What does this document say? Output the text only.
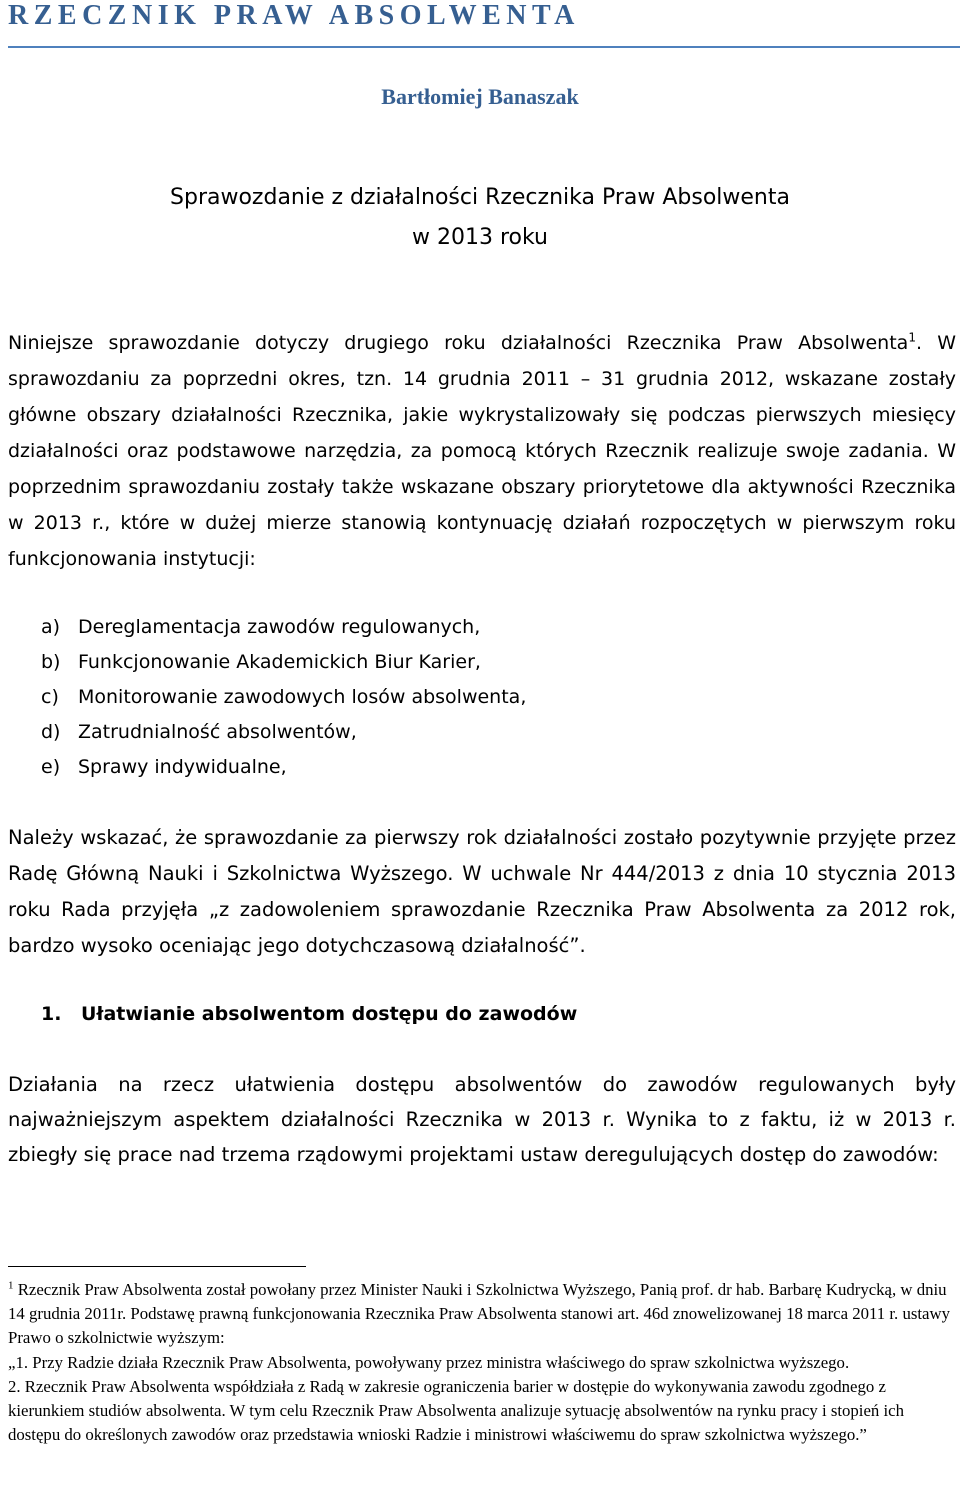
RZECZNIK PRAW ABSOLWENTA
Bartłomiej Banaszak
Sprawozdanie z działalności Rzecznika Praw Absolwenta
w 2013 roku

Niniejsze sprawozdanie dotyczy drugiego roku działalności Rzecznika Praw Absolwenta$^1$. W sprawozdaniu za poprzedni okres, tzn. 14 grudnia 2011 – 31 grudnia 2012, wskazane zostały główne obszary działalności Rzecznika, jakie wykrystalizowały się podczas pierwszych miesięcy działalności oraz podstawowe narzędzia, za pomocą których Rzecznik realizuje swoje zadania. W poprzednim sprawozdaniu zostały także wskazane obszary priorytetowe dla aktywności Rzecznika w 2013 r., które w dużej mierze stanowią kontynuację działań rozpoczętych w pierwszym roku funkcjonowania instytucji:

a) Dereglamentacja zawodów regulowanych,
b) Funkcjonowanie Akademickich Biur Karier,
c) Monitorowanie zawodowych losów absolwenta,
d) Zatrudnialność absolwentów,
e) Sprawy indywidualne,

Należy wskazać, że sprawozdanie za pierwszy rok działalności zostało pozytywnie przyjęte przez Radę Główną Nauki i Szkolnictwa Wyższego. W uchwale Nr 444/2013 z dnia 10 stycznia 2013 roku Rada przyjęła „z zadowoleniem sprawozdanie Rzecznika Praw Absolwenta za 2012 rok, bardzo wysoko oceniając jego dotychczasową działalność”.

1. Ułatwianie absolwentom dostępu do zawodów

Działania na rzecz ułatwienia dostępu absolwentów do zawodów regulowanych były najważniejszym aspektem działalności Rzecznika w 2013 r. Wynika to z faktu, iż w 2013 r. zbiegły się prace nad trzema rządowymi projektami ustaw deregulujących dostęp do zawodów:

$^1$ Rzecznik Praw Absolwenta został powołany przez Minister Nauki i Szkolnictwa Wyższego, Panią prof. dr hab. Barbarę Kudrycką, w dniu 14 grudnia 2011r. Podstawę prawną funkcjonowania Rzecznika Praw Absolwenta stanowi art. 46d znowelizowanej 18 marca 2011 r. ustawy Prawo o szkolnictwie wyższym:
„1. Przy Radzie działa Rzecznik Praw Absolwenta, powoływany przez ministra właściwego do spraw szkolnictwa wyższego.
2. Rzecznik Praw Absolwenta współdziała z Radą w zakresie ograniczenia barier w dostępie do wykonywania zawodu zgodnego z kierunkiem studiów absolwenta. W tym celu Rzecznik Praw Absolwenta analizuje sytuację absolwentów na rynku pracy i stopień ich dostępu do określonych zawodów oraz przedstawia wnioski Radzie i ministrowi właściwemu do spraw szkolnictwa wyższego.”
